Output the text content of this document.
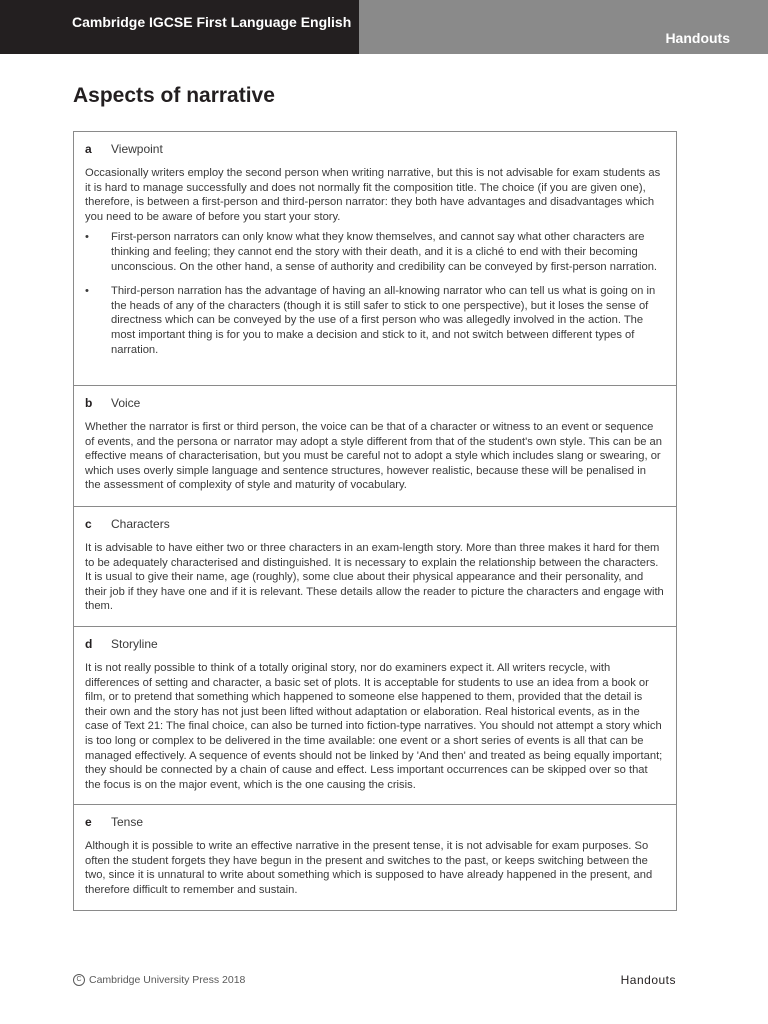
Cambridge IGCSE First Language English
Handouts
Aspects of narrative
a	Viewpoint

Occasionally writers employ the second person when writing narrative, but this is not advisable for exam students as it is hard to manage successfully and does not normally fit the composition title. The choice (if you are given one), therefore, is between a first-person and third-person narrator: they both have advantages and disadvantages which you need to be aware of before you start your story.

• First-person narrators can only know what they know themselves, and cannot say what other characters are thinking and feeling; they cannot end the story with their death, and it is a cliché to end with their becoming unconscious. On the other hand, a sense of authority and credibility can be conveyed by first-person narration.
• Third-person narration has the advantage of having an all-knowing narrator who can tell us what is going on in the heads of any of the characters (though it is still safer to stick to one perspective), but it loses the sense of directness which can be conveyed by the use of a first person who was allegedly involved in the action. The most important thing is for you to make a decision and stick to it, and not switch between different types of narration.
b	Voice

Whether the narrator is first or third person, the voice can be that of a character or witness to an event or sequence of events, and the persona or narrator may adopt a style different from that of the student's own style. This can be an effective means of characterisation, but you must be careful not to adopt a style which includes slang or swearing, or which uses overly simple language and sentence structures, however realistic, because these will be penalised in the assessment of complexity of style and maturity of vocabulary.

c	Characters

It is advisable to have either two or three characters in an exam-length story. More than three makes it hard for them to be adequately characterised and distinguished. It is necessary to explain the relationship between the characters. It is usual to give their name, age (roughly), some clue about their physical appearance and their personality, and their job if they have one and if it is relevant. These details allow the reader to picture the characters and engage with them.

d	Storyline

It is not really possible to think of a totally original story, nor do examiners expect it. All writers recycle, with differences of setting and character, a basic set of plots. It is acceptable for students to use an idea from a book or film, or to pretend that something which happened to someone else happened to them, provided that the detail is their own and the story has not just been lifted without adaptation or elaboration. Real historical events, as in the case of Text 21: The final choice, can also be turned into fiction-type narratives. You should not attempt a story which is too long or complex to be delivered in the time available: one event or a short series of events is all that can be managed effectively. A sequence of events should not be linked by 'And then' and treated as being equally important; they should be connected by a chain of cause and effect. Less important occurrences can be skipped over so that the focus is on the major event, which is the one causing the crisis.

e	Tense

Although it is possible to write an effective narrative in the present tense, it is not advisable for exam purposes. So often the student forgets they have begun in the present and switches to the past, or keeps switching between the two, since it is unnatural to write about something which is supposed to have already happened in the present, and therefore difficult to remember and sustain.

C Cambridge University Press 2018	Handouts
